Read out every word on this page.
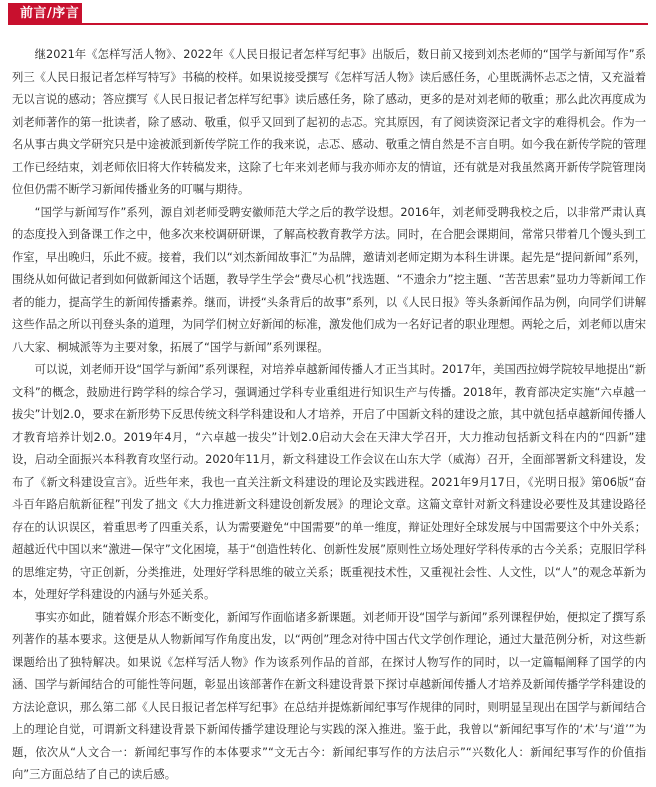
前言/序言

继2021年《怎样写活人物》、2022年《人民日报记者怎样写纪事》出版后，数日前又接到刘杰老师的“国学与新闻写作”系列三《人民日报记者怎样写特写》书稿的校样。如果说接受撰写《怎样写活人物》读后感任务，心里既满怀忐忑之情，又充溢着无以言说的感动；答应撰写《人民日报记者怎样写纪事》读后感任务，除了感动，更多的是对刘老师的敬重；那么此次再度成为刘老师著作的第一批读者，除了感动、敬重，似乎又回到了起初的忐忑。究其原因，有了阅读资深记者文字的难得机会。作为一名从事古典文学研究只是中途被派到新传学院工作的我来说，忐忑、感动、敬重之情自然是不言自明。如今我在新传学院的管理工作已经结束，刘老师依旧将大作转稿发来，这除了七年来刘老师与我亦师亦友的情谊，还有就是对我虽然离开新传学院管理岗位但仍需不断学习新闻传播业务的叮嘱与期待。

“国学与新闻写作”系列，源自刘老师受聘安徽师范大学之后的教学设想。2016年，刘老师受聘我校之后，以非常严肃认真的态度投入到备课工作之中，他多次来校调研研课，了解高校教育教学方法。同时，在合肥会课期间，常常只带着几个馒头到工作室，早出晚归，乐此不疲。接着，我们以“刘杰新闻故事汇”为品牌，邀请刘老师定期为本科生讲课。起先是“提问新闻”系列，围绕从如何做记者到如何做新闻这个话题，教导学生学会“费尽心机”找选题、“不遗余力”挖主题、“苦苦思索”显功力等新闻工作者的能力，提高学生的新闻传播素养。继而，讲授“头条背后的故事”系列，以《人民日报》等头条新闻作品为例，向同学们讲解这些作品之所以刊登头条的道理，为同学们树立好新闻的标准，激发他们成为一名好记者的职业理想。两轮之后，刘老师以唐宋八大家、桐城派等为主要对象，拓展了“国学与新闻”系列课程。

可以说，刘老师开设“国学与新闻”系列课程，对培养卓越新闻传播人才正当其时。2017年，美国西拉姆学院较早地提出“新文科”的概念，鼓励进行跨学科的综合学习，强调通过学科专业重组进行知识生产与传播。2018年，教育部决定实施“六卓越一拔尖”计划2.0，要求在新形势下反思传统文科学科建设和人才培养，开启了中国新文科的建设之旅，其中就包括卓越新闻传播人才教育培养计划2.0。2019年4月，“六卓越一拔尖”计划2.0启动大会在天津大学召开，大力推动包括新文科在内的“四新”建设，启动全面振兴本科教育攻坚行动。2020年11月，新文科建设工作会议在山东大学（威海）召开，全面部署新文科建设，发布了《新文科建设宣言》。近些年来，我也一直关注新文科建设的理论及实践进程。2021年9月17日，《光明日报》第06版“奋斗百年路启航新征程”刊发了拙文《大力推进新文科建设创新发展》的理论文章。这篇文章针对新文科建设必要性及其建设路径存在的认识误区，着重思考了四重关系，认为需要避免“中国需要”的单一维度，辩证处理好全球发展与中国需要这个中外关系；超越近代中国以来“激进—保守”文化困境，基于“创造性转化、创新性发展”原则性立场处理好学科传承的古今关系；克服旧学科的思维定势，守正创新，分类推进，处理好学科思维的破立关系；既重视技术性，又重视社会性、人文性，以“人”的观念革新为本，处理好学科建设的内涵与外延关系。

事实亦如此，随着媒介形态不断变化，新闻写作面临诸多新课题。刘老师开设“国学与新闻”系列课程伊始，便拟定了撰写系列著作的基本要求。这便是从人物新闻写作角度出发，以“两创”理念对待中国古代文学创作理论，通过大量范例分析，对这些新课题给出了独特解决。如果说《怎样写活人物》作为该系列作品的首部，在探讨人物写作的同时，以一定篇幅阐释了国学的内涵、国学与新闻结合的可能性等问题，彰显出该部著作在新文科建设背景下探讨卓越新闻传播人才培养及新闻传播学学科建设的方法论意识，那么第二部《人民日报记者怎样写纪事》在总结并提炼新闻纪事写作规律的同时，则明显呈现出在国学与新闻结合上的理论自觉，可谓新文科建设背景下新闻传播学建设理论与实践的深入推进。鉴于此，我曾以“新闻纪事写作的‘术’与‘道’”为题，依次从“人文合一：新闻纪事写作的本体要求”“文无古今：新闻纪事写作的方法启示”“兴数化人：新闻纪事写作的价值指向”三方面总结了自己的读后感。
